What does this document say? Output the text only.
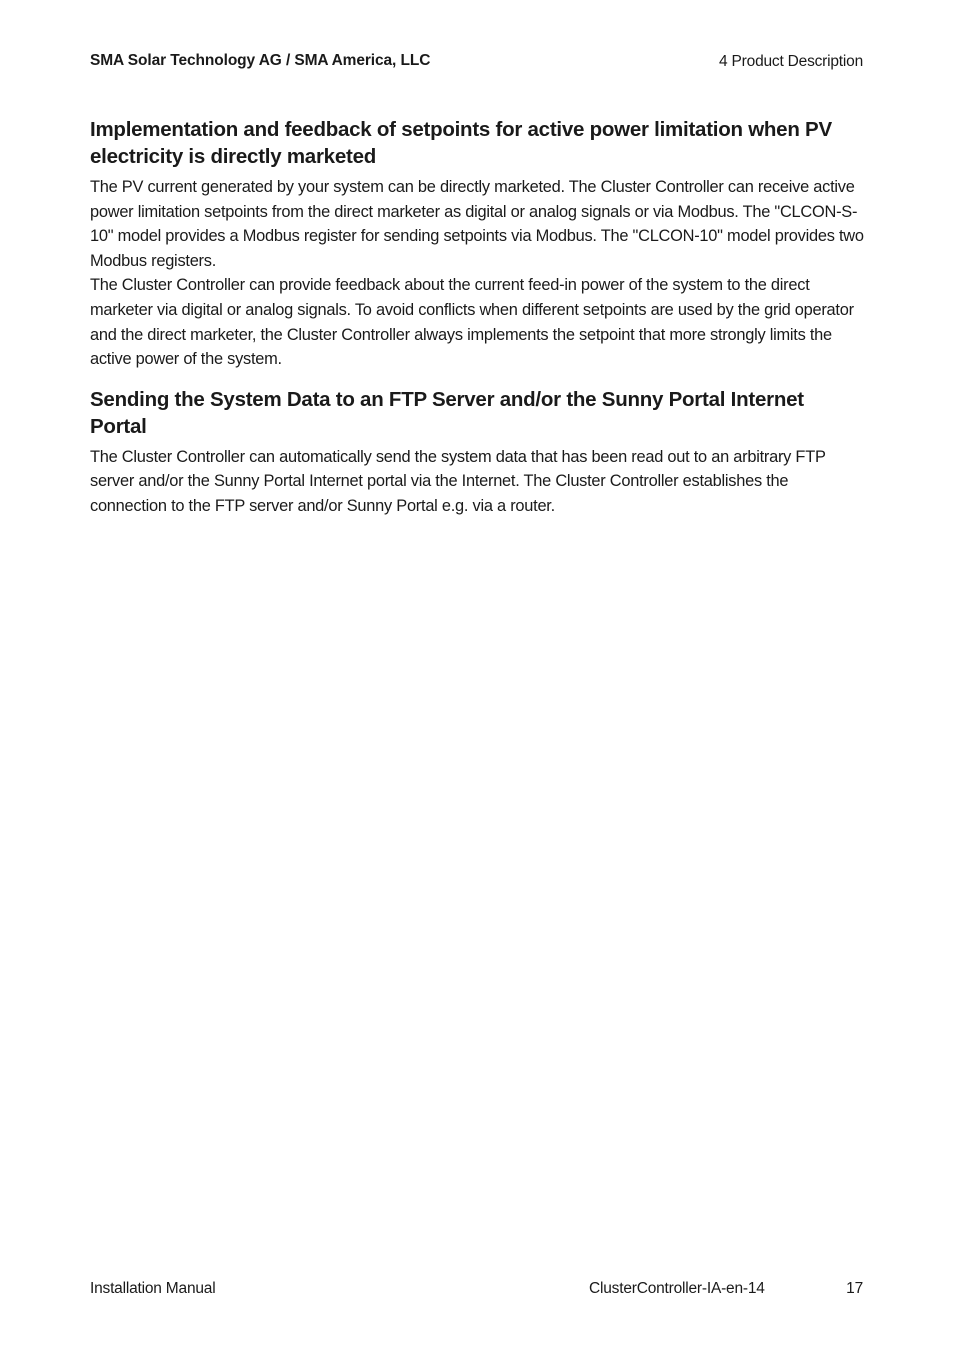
SMA Solar Technology AG / SMA America, LLC	4 Product Description
Implementation and feedback of setpoints for active power limitation when PV electricity is directly marketed

The PV current generated by your system can be directly marketed. The Cluster Controller can receive active power limitation setpoints from the direct marketer as digital or analog signals or via Modbus. The "CLCON-S-10" model provides a Modbus register for sending setpoints via Modbus. The "CLCON-10" model provides two Modbus registers.

The Cluster Controller can provide feedback about the current feed-in power of the system to the direct marketer via digital or analog signals. To avoid conflicts when different setpoints are used by the grid operator and the direct marketer, the Cluster Controller always implements the setpoint that more strongly limits the active power of the system.

Sending the System Data to an FTP Server and/or the Sunny Portal Internet Portal

The Cluster Controller can automatically send the system data that has been read out to an arbitrary FTP server and/or the Sunny Portal Internet portal via the Internet. The Cluster Controller establishes the connection to the FTP server and/or Sunny Portal e.g. via a router.

Installation Manual	ClusterController-IA-en-14	17
